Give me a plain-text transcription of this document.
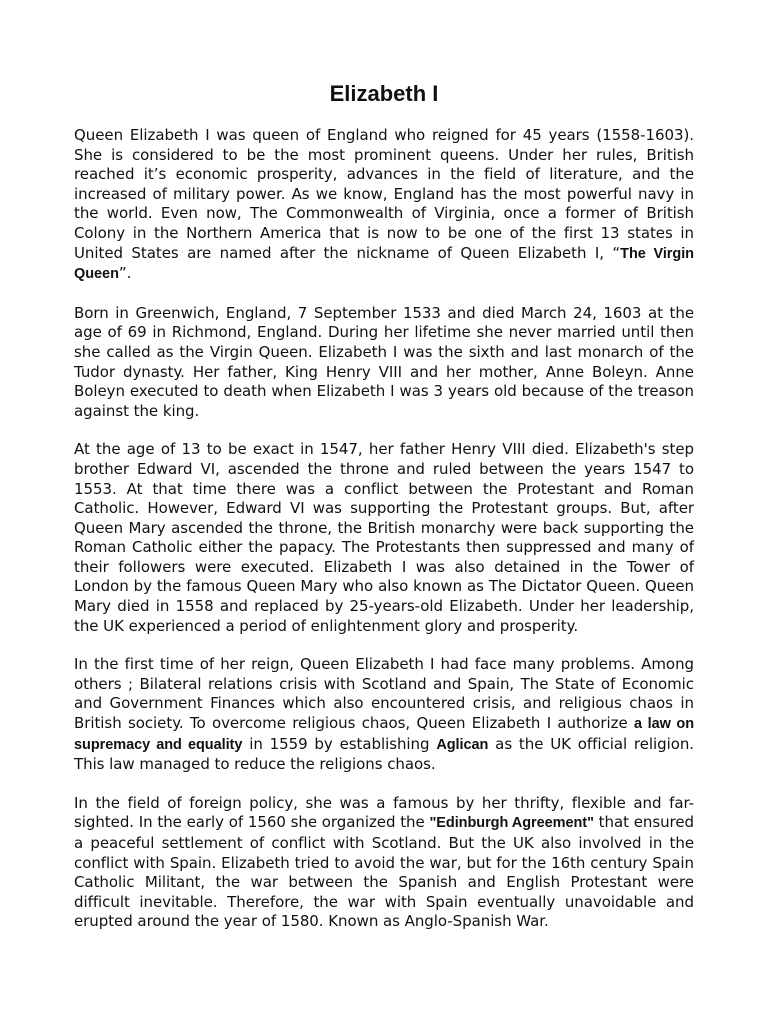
Elizabeth I

Queen Elizabeth I was queen of England who reigned for 45 years (1558-1603). She is considered to be the most prominent queens. Under her rules, British reached it’s economic prosperity, advances in the field of literature, and the increased of military power. As we know, England has the most powerful navy in the world. Even now, The Commonwealth of Virginia, once a former of British Colony in the Northern America that is now to be one of the first 13 states in United States are named after the nickname of Queen Elizabeth I, “The Virgin Queen”.

Born in Greenwich, England, 7 September 1533 and died March 24, 1603 at the age of 69 in Richmond, England. During her lifetime she never married until then she called as the Virgin Queen. Elizabeth I was the sixth and last monarch of the Tudor dynasty. Her father, King Henry VIII and her mother, Anne Boleyn. Anne Boleyn executed to death when Elizabeth I was 3 years old because of the treason against the king.

At the age of 13 to be exact in 1547, her father Henry VIII died. Elizabeth's step brother Edward VI, ascended the throne and ruled between the years 1547 to 1553. At that time there was a conflict between the Protestant and Roman Catholic. However, Edward VI was supporting the Protestant groups. But, after Queen Mary ascended the throne, the British monarchy were back supporting the Roman Catholic either the papacy. The Protestants then suppressed and many of their followers were executed. Elizabeth I was also detained in the Tower of London by the famous Queen Mary who also known as The Dictator Queen. Queen Mary died in 1558 and replaced by 25-years-old Elizabeth. Under her leadership, the UK experienced a period of enlightenment glory and prosperity.

In the first time of her reign, Queen Elizabeth I had face many problems. Among others ; Bilateral relations crisis with Scotland and Spain, The State of Economic and Government Finances which also encountered crisis, and religious chaos in British society. To overcome religious chaos, Queen Elizabeth I authorize a law on supremacy and equality in 1559 by establishing Aglican as the UK official religion. This law managed to reduce the religions chaos.

In the field of foreign policy, she was a famous by her thrifty, flexible and far-sighted. In the early of 1560 she organized the "Edinburgh Agreement" that ensured a peaceful settlement of conflict with Scotland. But the UK also involved in the conflict with Spain. Elizabeth tried to avoid the war, but for the 16th century Spain Catholic Militant, the war between the Spanish and English Protestant were difficult inevitable. Therefore, the war with Spain eventually unavoidable and erupted around the year of 1580. Known as Anglo-Spanish War.
